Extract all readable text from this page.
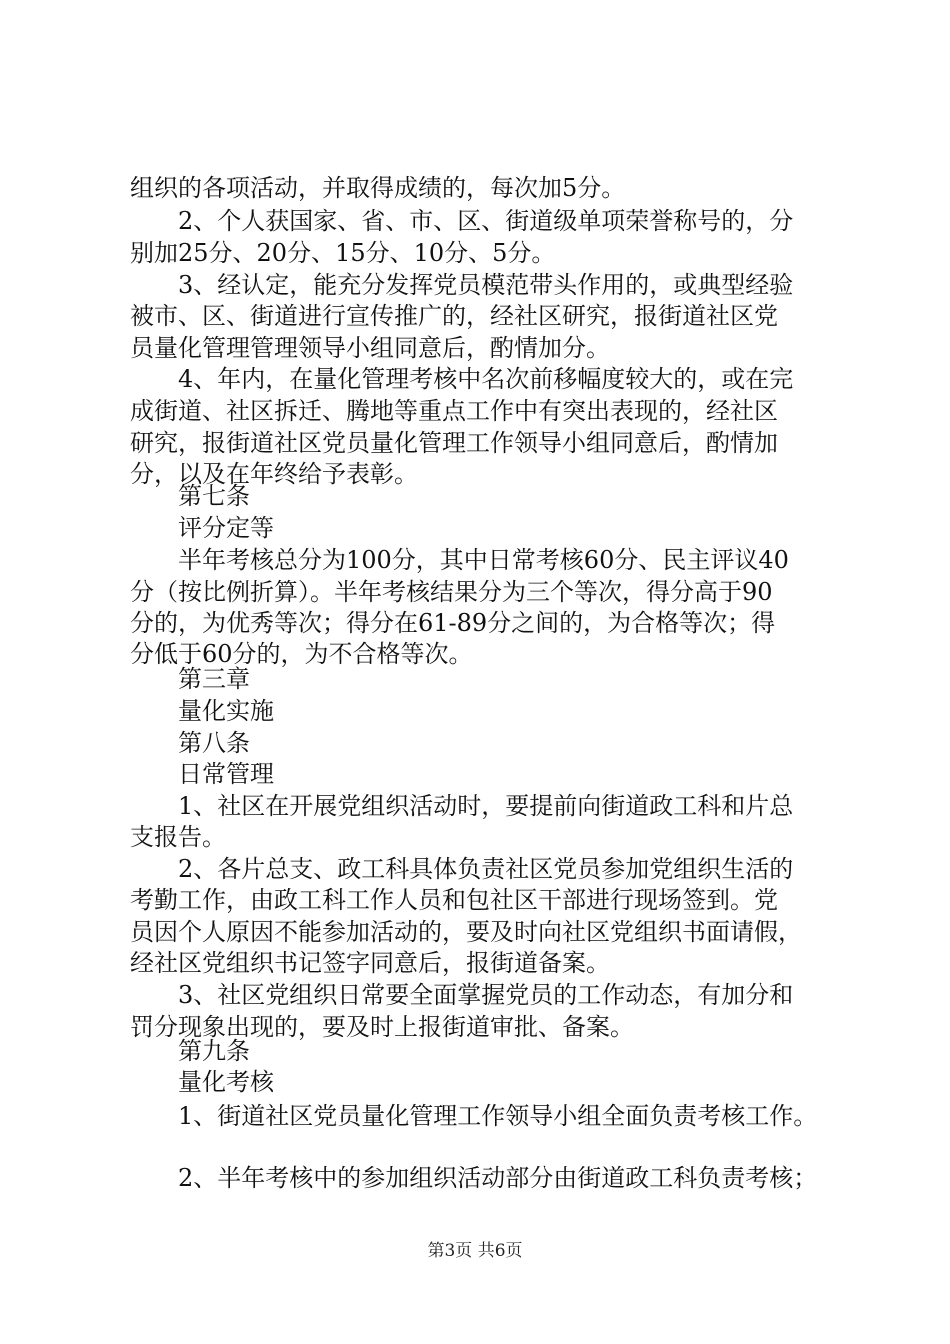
组织的各项活动，并取得成绩的，每次加5分。
2、个人获国家、省、市、区、街道级单项荣誉称号的，分
别加25分、20分、15分、10分、5分。
3、经认定，能充分发挥党员模范带头作用的，或典型经验
被市、区、街道进行宣传推广的，经社区研究，报街道社区党
员量化管理管理领导小组同意后，酌情加分。
4、年内，在量化管理考核中名次前移幅度较大的，或在完
成街道、社区拆迁、腾地等重点工作中有突出表现的，经社区
研究，报街道社区党员量化管理工作领导小组同意后，酌情加
分，以及在年终给予表彰。
第七条
评分定等
半年考核总分为100分，其中日常考核60分、民主评议40
分（按比例折算）。半年考核结果分为三个等次，得分高于90
分的，为优秀等次；得分在61-89分之间的，为合格等次；得
分低于60分的，为不合格等次。
第三章
量化实施
第八条
日常管理
1、社区在开展党组织活动时，要提前向街道政工科和片总
支报告。
2、各片总支、政工科具体负责社区党员参加党组织生活的
考勤工作，由政工科工作人员和包社区干部进行现场签到。党
员因个人原因不能参加活动的，要及时向社区党组织书面请假，
经社区党组织书记签字同意后，报街道备案。
3、社区党组织日常要全面掌握党员的工作动态，有加分和
罚分现象出现的，要及时上报街道审批、备案。
第九条
量化考核
1、街道社区党员量化管理工作领导小组全面负责考核工作。
2、半年考核中的参加组织活动部分由街道政工科负责考核；
第3页 共6页
